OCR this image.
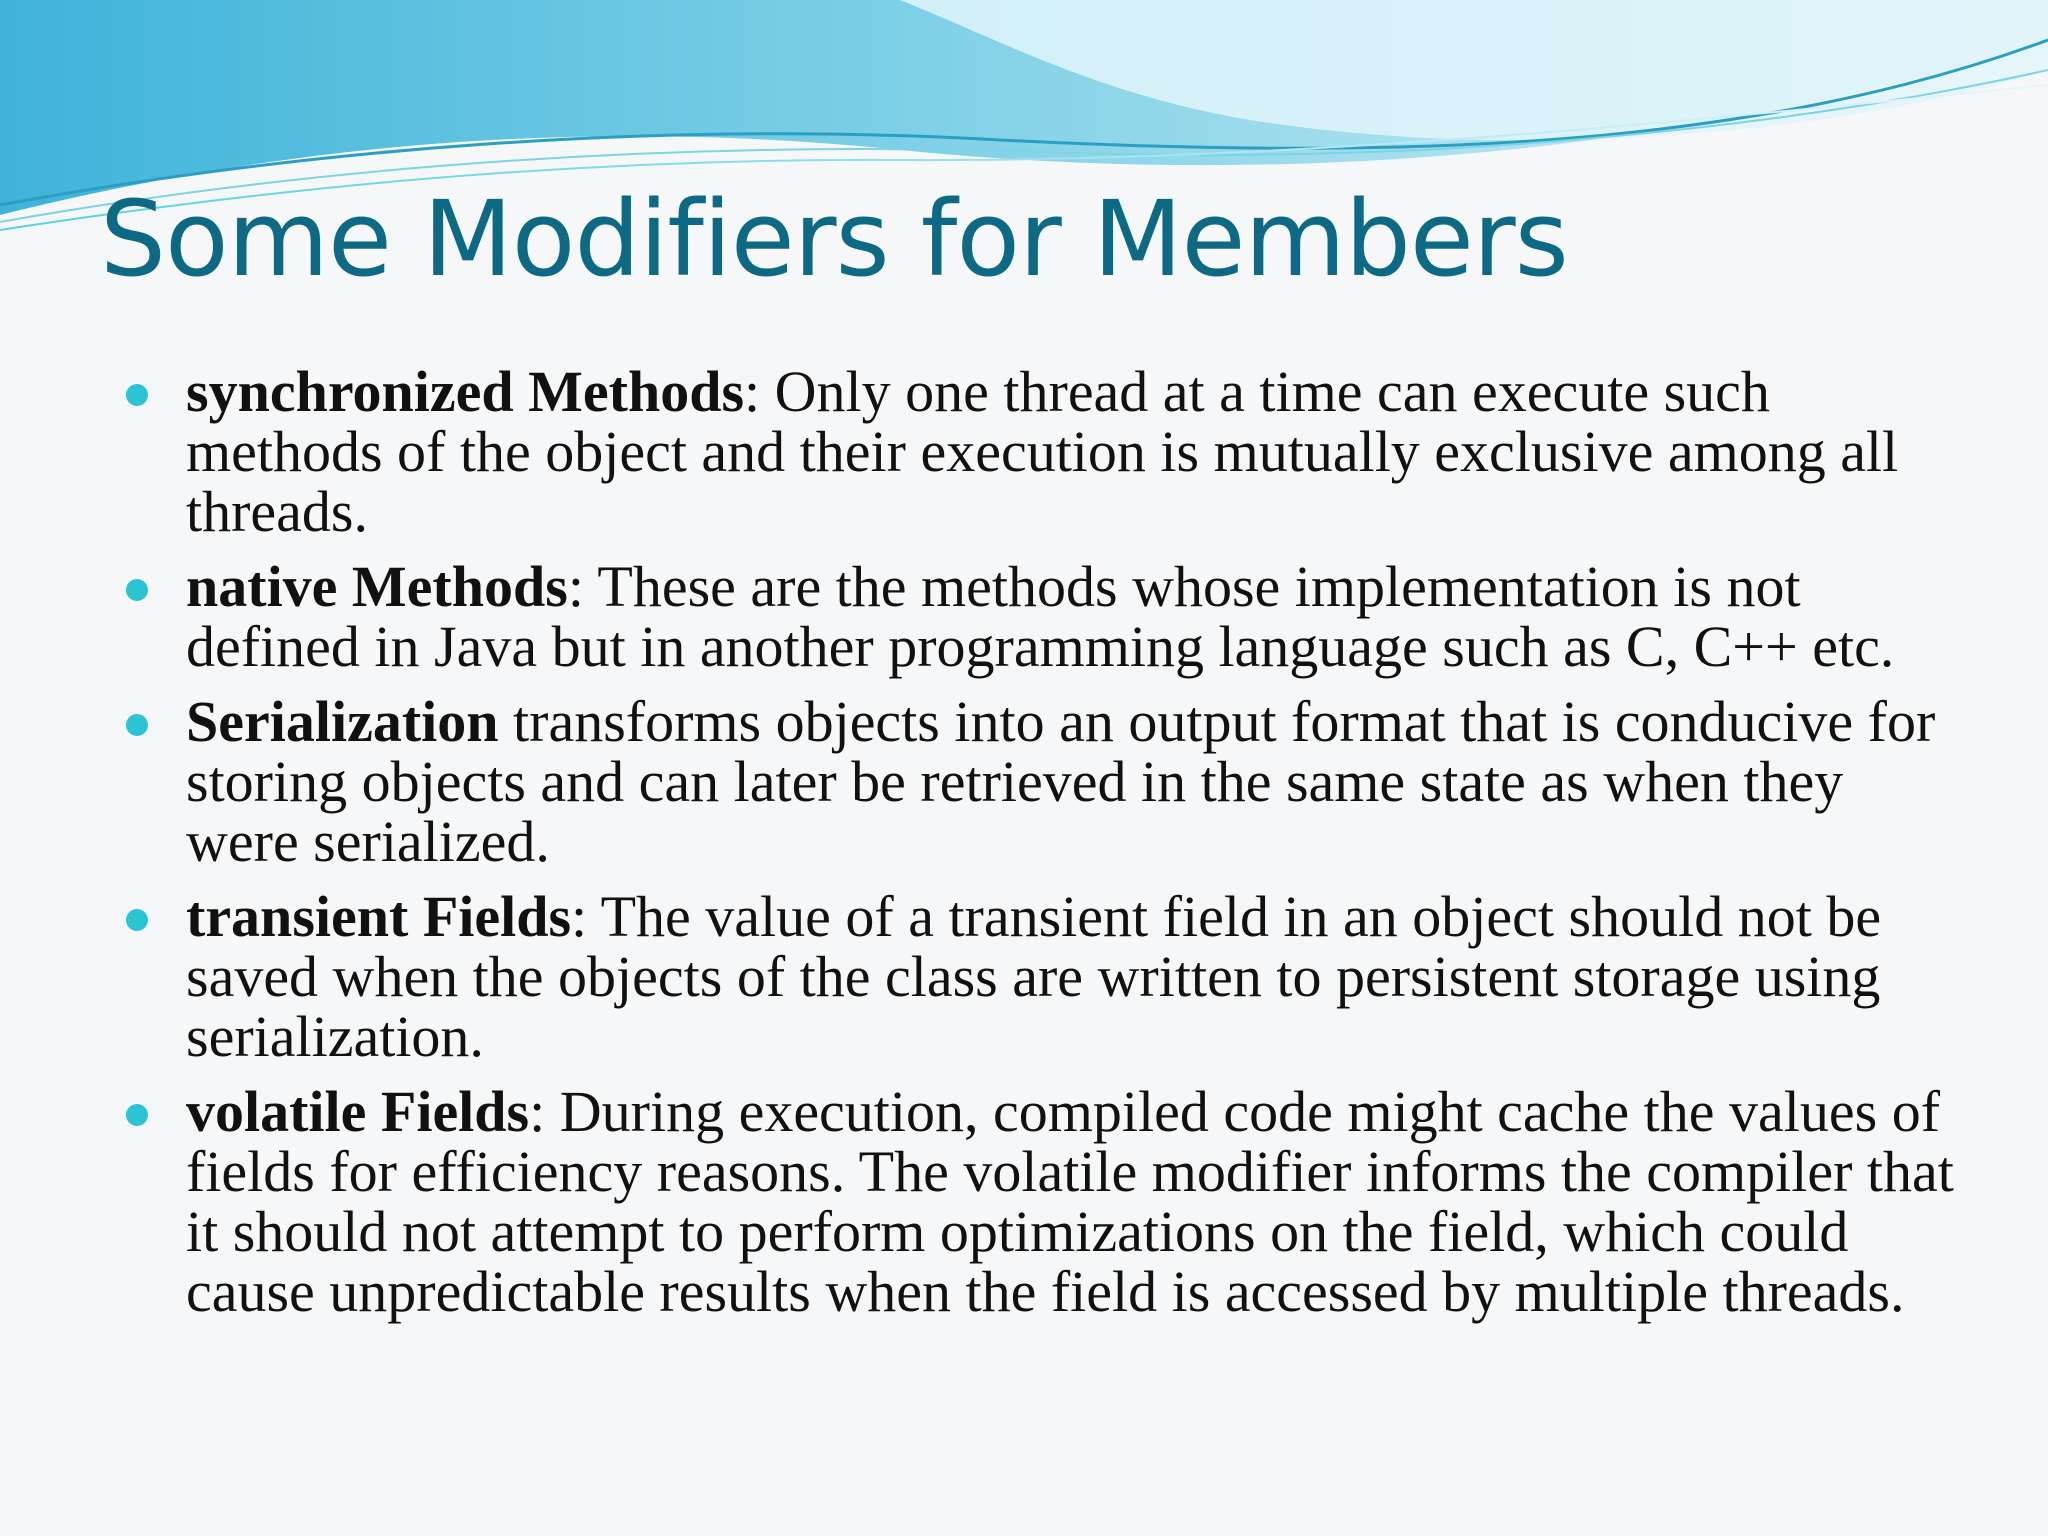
Some Modifiers for Members
synchronized Methods: Only one thread at a time can execute such methods of the object and their execution is mutually exclusive among all threads.
native Methods: These are the methods whose implementation is not defined in Java but in another programming language such as C, C++ etc.
Serialization transforms objects into an output format that is conducive for storing objects and can later be retrieved in the same state as when they were serialized.
transient Fields: The value of a transient field in an object should not be saved when the objects of the class are written to persistent storage using serialization.
volatile Fields: During execution, compiled code might cache the values of fields for efficiency reasons. The volatile modifier informs the compiler that it should not attempt to perform optimizations on the field, which could cause unpredictable results when the field is accessed by multiple threads.
